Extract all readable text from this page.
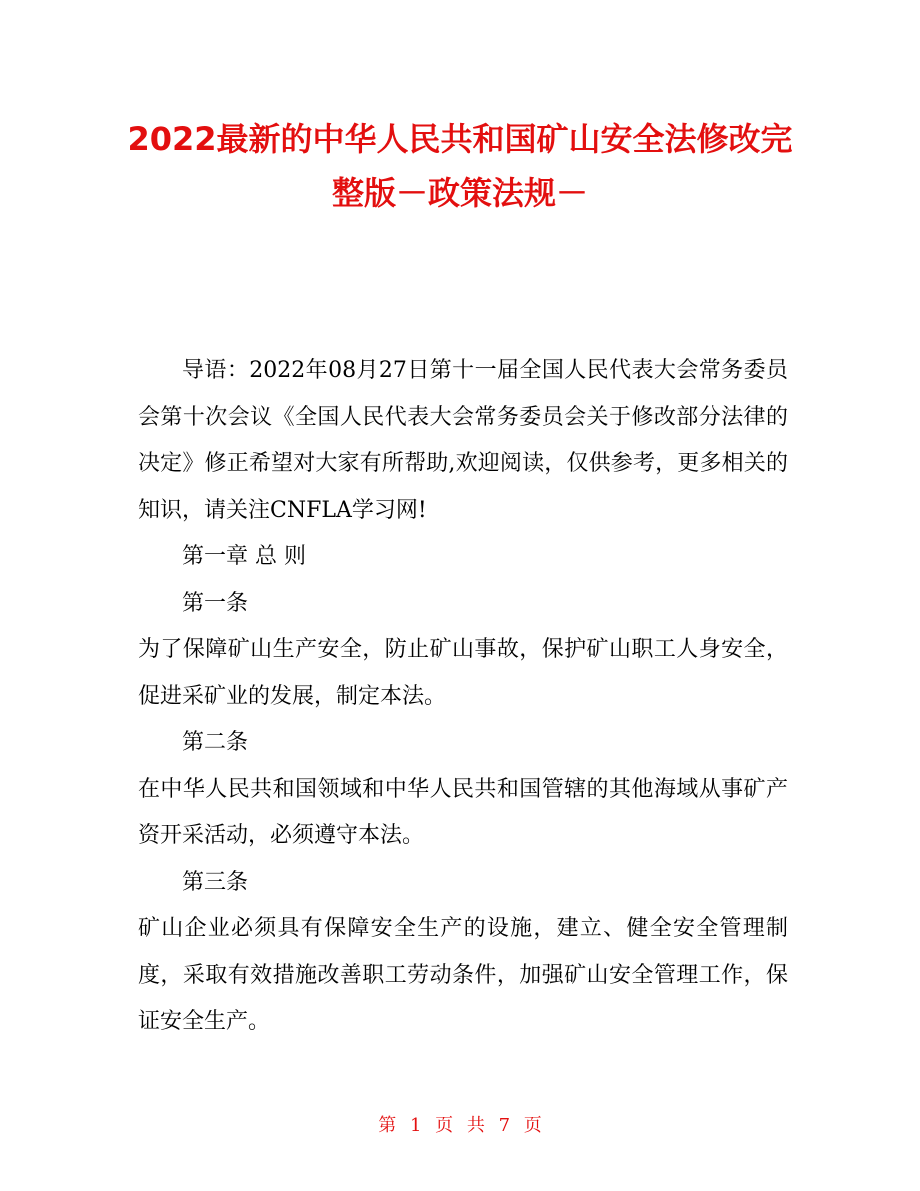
2022最新的中华人民共和国矿山安全法修改完整版－政策法规－

导语：2022年08月27日第十一届全国人民代表大会常务委员会第十次会议《全国人民代表大会常务委员会关于修改部分法律的决定》修正希望对大家有所帮助,欢迎阅读，仅供参考，更多相关的知识，请关注CNFLA学习网!

第一章 总 则

第一条

为了保障矿山生产安全，防止矿山事故，保护矿山职工人身安全，促进采矿业的发展，制定本法。

第二条

在中华人民共和国领域和中华人民共和国管辖的其他海域从事矿产资开采活动，必须遵守本法。

第三条

矿山企业必须具有保障安全生产的设施，建立、健全安全管理制度，采取有效措施改善职工劳动条件，加强矿山安全管理工作，保证安全生产。

第 1 页 共 7 页
